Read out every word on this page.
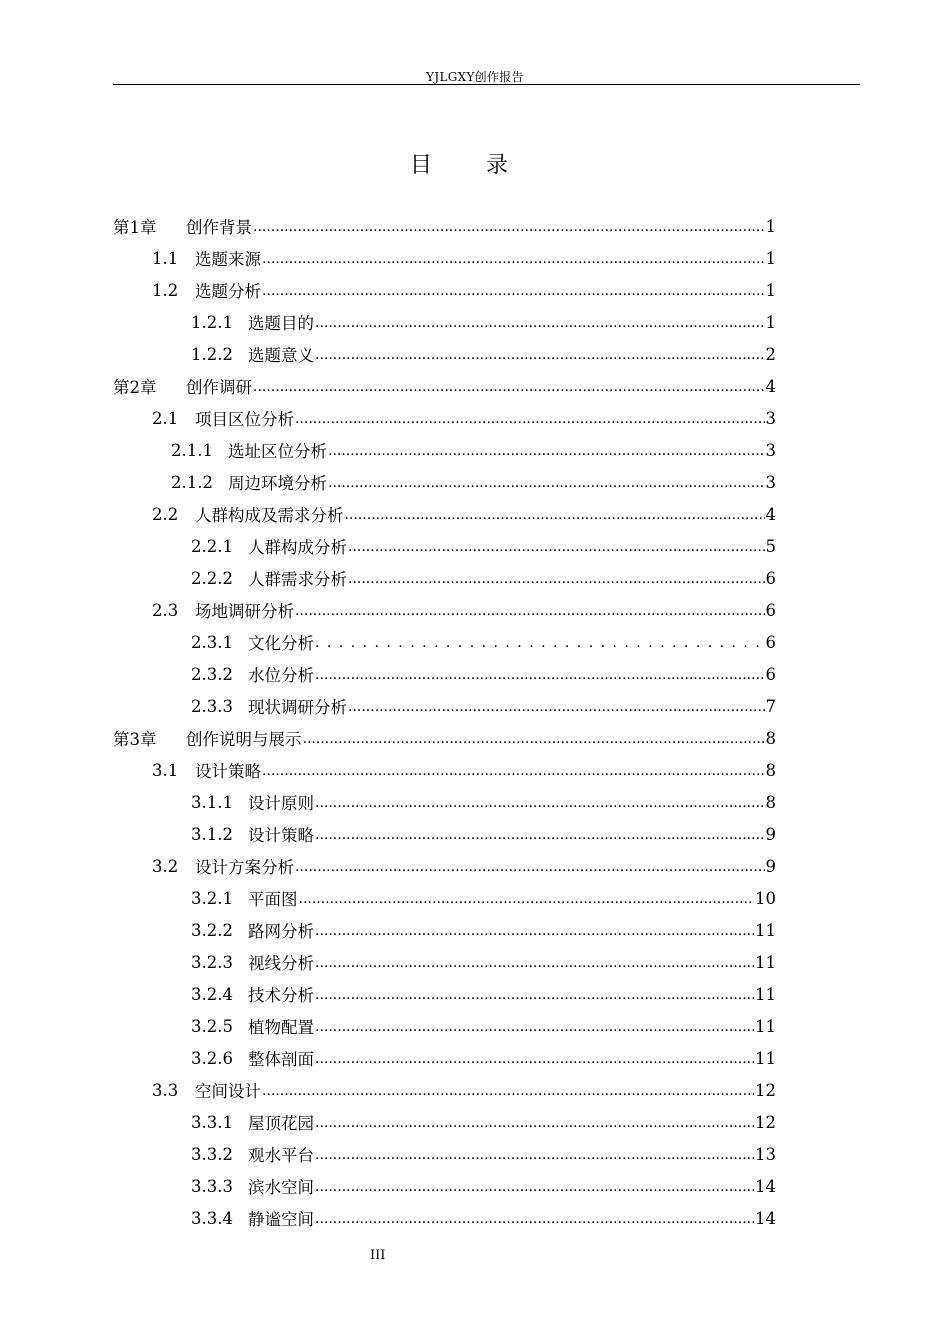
YJLGXY创作报告
目录
第1章	创作背景 .....	1
1.1	选题来源 .....	1
1.2	选题分析 .....	1
1.2.1 选题目的 .....	1
1.2.2 选题意义 .....	2
第2章	创作调研 .....	4
2.1	项目区位分析 .....	3
2.1.1 选址区位分析 .....	3
2.1.2 周边环境分析 .....	3
2.2	人群构成及需求分析 .....	4
2.2.1 人群构成分析 .....	5
2.2.2 人群需求分析 .....	6
2.3	场地调研分析 .....	6
2.3.1 文化分析 . . .	6
2.3.2 水位分析 .....	6
2.3.3 现状调研分析 .....	7
第3章	创作说明与展示 .....	8
3.1	设计策略 .....	8
3.1.1 设计原则 .....	8
3.1.2 设计策略 .....	9
3.2	设计方案分析 .....	9
3.2.1 平面图 .....	10
3.2.2 路网分析 .....	11
3.2.3 视线分析 .....	11
3.2.4 技术分析 .....	11
3.2.5 植物配置 .....	11
3.2.6 整体剖面 .....	11
3.3	空间设计 .....	12
3.3.1 屋顶花园 .....	12
3.3.2 观水平台 .....	13
3.3.3 滨水空间 .....	14
3.3.4 静谧空间 .....	14
III
